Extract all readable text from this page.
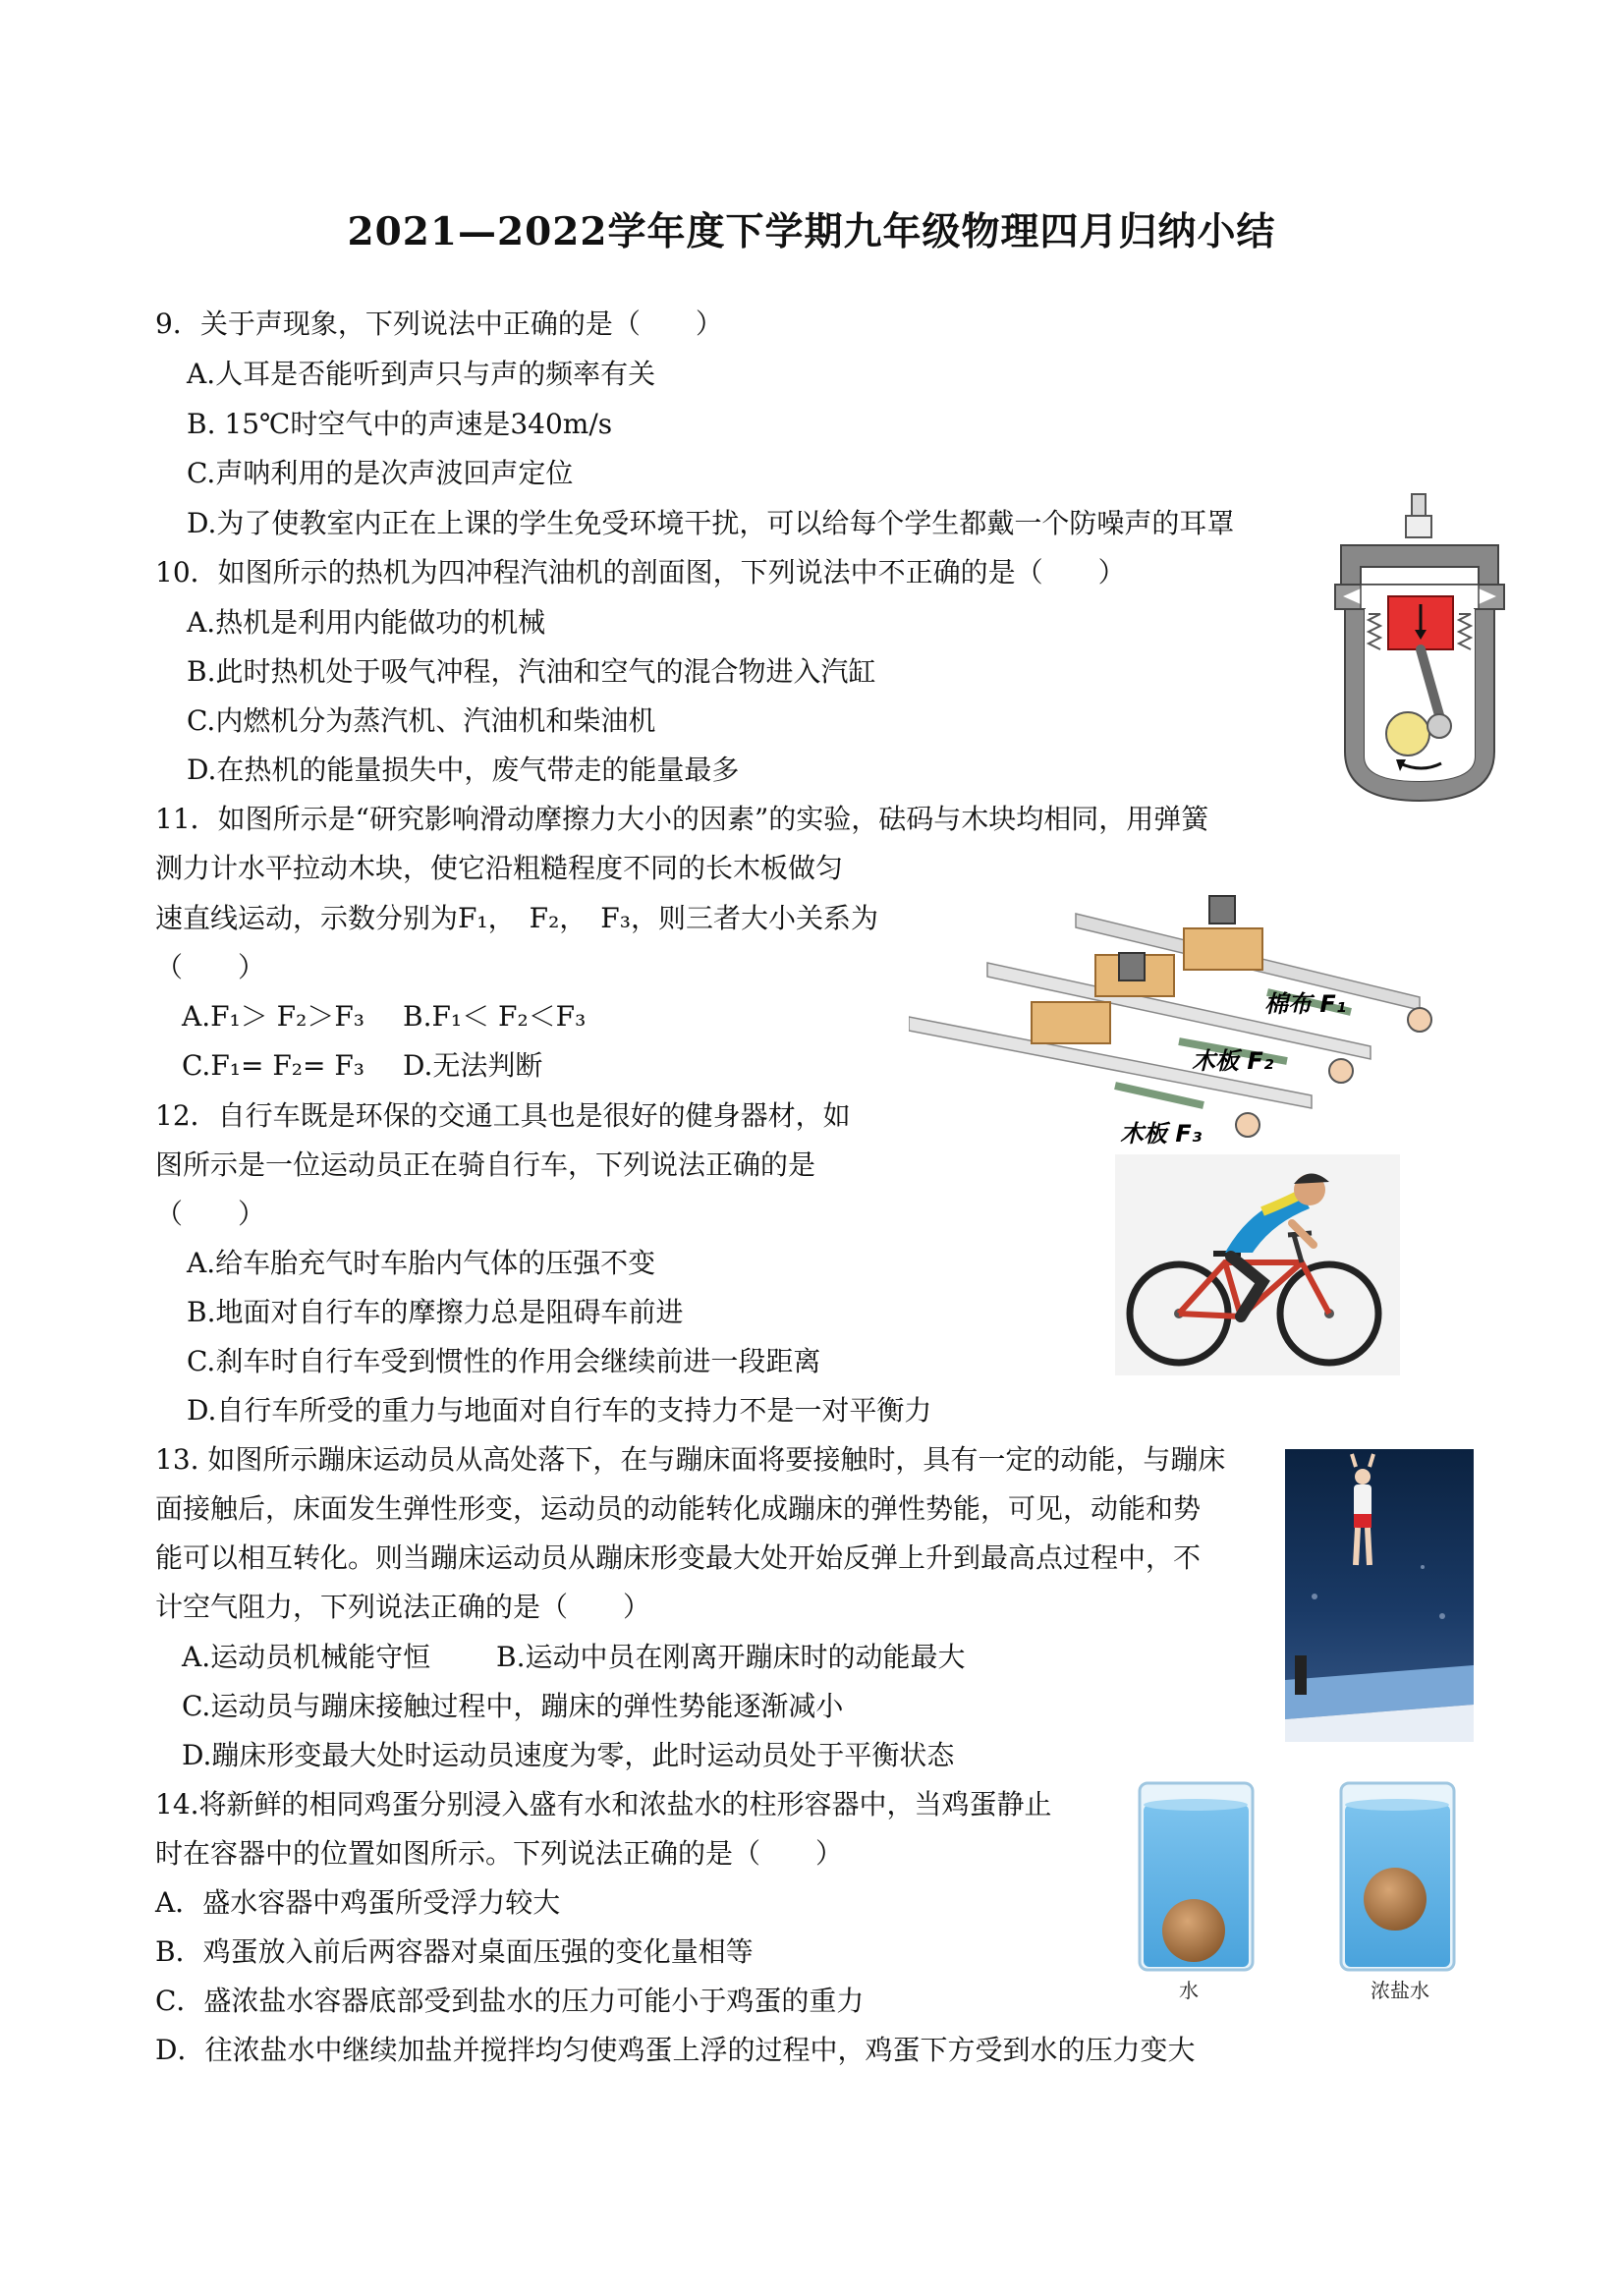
2021—2022学年度下学期九年级物理四月归纳小结
9．关于声现象，下列说法中正确的是（　　）
A.人耳是否能听到声只与声的频率有关
B. 15℃时空气中的声速是340m/s
C.声呐利用的是次声波回声定位
D.为了使教室内正在上课的学生免受环境干扰，可以给每个学生都戴一个防噪声的耳罩
10．如图所示的热机为四冲程汽油机的剖面图，下列说法中不正确的是（　　）
A.热机是利用内能做功的机械
B.此时热机处于吸气冲程，汽油和空气的混合物进入汽缸
C.内燃机分为蒸汽机、汽油机和柴油机
D.在热机的能量损失中，废气带走的能量最多
11．如图所示是“研究影响滑动摩擦力大小的因素”的实验，砝码与木块均相同，用弹簧
测力计水平拉动木块，使它沿粗糙程度不同的长木板做匀
速直线运动，示数分别为F₁，　F₂，　F₃，则三者大小关系为
（　　）
A.F₁＞ F₂＞F₃ B.F₁＜ F₂＜F₃
C.F₁= F₂= F₃ D.无法判断
棉布 F₁
木板 F₂
木板 F₃
12．自行车既是环保的交通工具也是很好的健身器材，如
图所示是一位运动员正在骑自行车，下列说法正确的是
（　　）
A.给车胎充气时车胎内气体的压强不变
B.地面对自行车的摩擦力总是阻碍车前进
C.刹车时自行车受到惯性的作用会继续前进一段距离
D.自行车所受的重力与地面对自行车的支持力不是一对平衡力
13. 如图所示蹦床运动员从高处落下，在与蹦床面将要接触时，具有一定的动能，与蹦床
面接触后，床面发生弹性形变，运动员的动能转化成蹦床的弹性势能，可见，动能和势
能可以相互转化。则当蹦床运动员从蹦床形变最大处开始反弹上升到最高点过程中，不
计空气阻力，下列说法正确的是（　　）
A.运动员机械能守恒 B.运动中员在刚离开蹦床时的动能最大
C.运动员与蹦床接触过程中，蹦床的弹性势能逐渐减小
D.蹦床形变最大处时运动员速度为零，此时运动员处于平衡状态
14.将新鲜的相同鸡蛋分别浸入盛有水和浓盐水的柱形容器中，当鸡蛋静止
时在容器中的位置如图所示。下列说法正确的是（　　）
A．盛水容器中鸡蛋所受浮力较大
B．鸡蛋放入前后两容器对桌面压强的变化量相等
C．盛浓盐水容器底部受到盐水的压力可能小于鸡蛋的重力
D．往浓盐水中继续加盐并搅拌均匀使鸡蛋上浮的过程中，鸡蛋下方受到水的压力变大
水	浓盐水
